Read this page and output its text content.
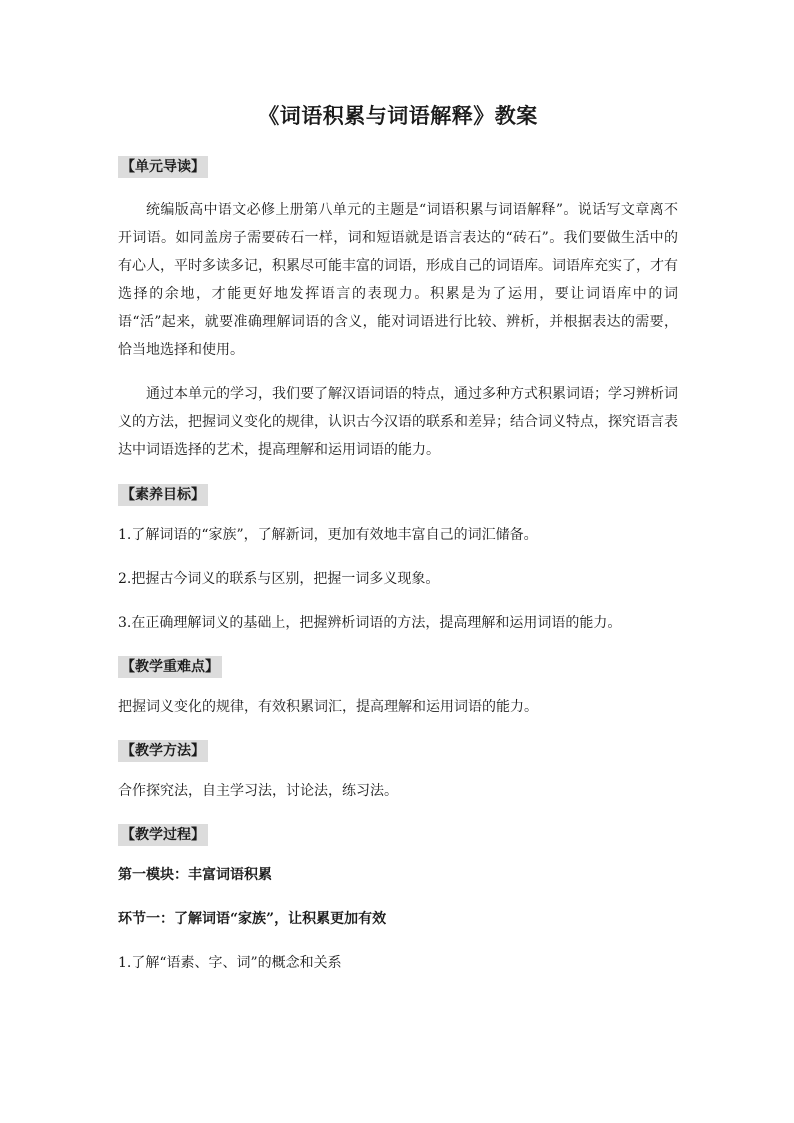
《词语积累与词语解释》教案
【单元导读】

统编版高中语文必修上册第八单元的主题是“词语积累与词语解释”。说话写文章离不开词语。如同盖房子需要砖石一样，词和短语就是语言表达的“砖石”。我们要做生活中的有心人，平时多读多记，积累尽可能丰富的词语，形成自己的词语库。词语库充实了，才有选择的余地，才能更好地发挥语言的表现力。积累是为了运用，要让词语库中的词语“活”起来，就要准确理解词语的含义，能对词语进行比较、辨析，并根据表达的需要，恰当地选择和使用。

通过本单元的学习，我们要了解汉语词语的特点，通过多种方式积累词语；学习辨析词义的方法，把握词义变化的规律，认识古今汉语的联系和差异；结合词义特点，探究语言表达中词语选择的艺术，提高理解和运用词语的能力。

【素养目标】

1.了解词语的“家族”，了解新词，更加有效地丰富自己的词汇储备。

2.把握古今词义的联系与区别，把握一词多义现象。

3.在正确理解词义的基础上，把握辨析词语的方法，提高理解和运用词语的能力。

【教学重难点】

把握词义变化的规律，有效积累词汇，提高理解和运用词语的能力。

【教学方法】

合作探究法，自主学习法，讨论法，练习法。

【教学过程】

第一模块：丰富词语积累

环节一：了解词语“家族”，让积累更加有效

1.了解“语素、字、词”的概念和关系
